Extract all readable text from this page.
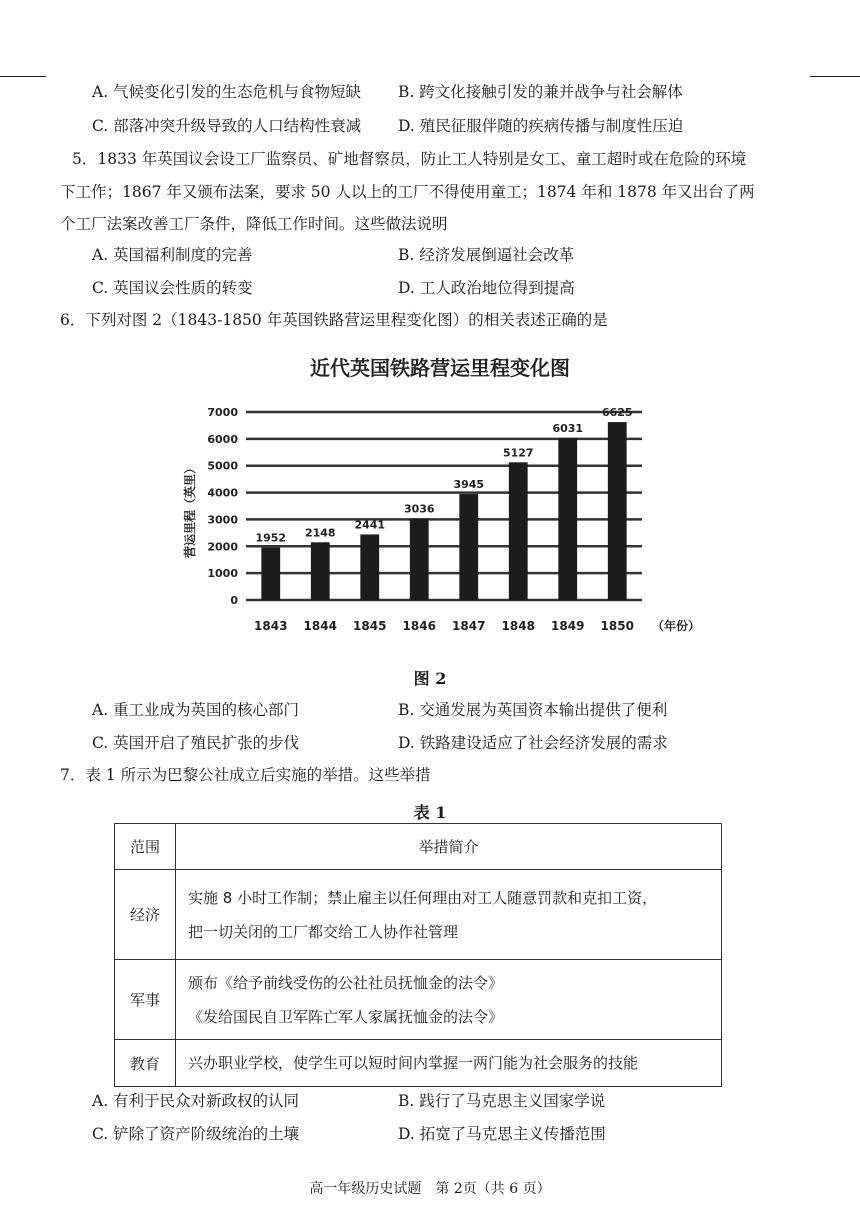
A. 气候变化引发的生态危机与食物短缺 B. 跨文化接触引发的兼并战争与社会解体
C. 部落冲突升级导致的人口结构性衰减 D. 殖民征服伴随的疾病传播与制度性压迫
5．1833 年英国议会设工厂监察员、矿地督察员，防止工人特别是女工、童工超时或在危险的环境
下工作；1867 年又颁布法案，要求 50 人以上的工厂不得使用童工；1874 年和 1878 年又出台了两
个工厂法案改善工厂条件，降低工作时间。这些做法说明
A. 英国福利制度的完善	B. 经济发展倒逼社会改革
C. 英国议会性质的转变	D. 工人政治地位得到提高
6．下列对图 2（1843-1850 年英国铁路营运里程变化图）的相关表述正确的是
1952 2148
2441
3036
3945
5127
6031
6625
0
1000
2000
3000
4000
5000
6000
7000
1843 1844 1845 1846 1847 1848 1849 1850
近代英国铁路营运里程变化图
营运里程（英里）
（年份）
图 2
A. 重工业成为英国的核心部门	B. 交通发展为英国资本输出提供了便利
C. 英国开启了殖民扩张的步伐	D. 铁路建设适应了社会经济发展的需求
7．表 1 所示为巴黎公社成立后实施的举措。这些举措
表 1
范围	举措简介
经济	实施 8 小时工作制；禁止雇主以任何理由对工人随意罚款和克扣工资，
把一切关闭的工厂都交给工人协作社管理

军事	颁布《给予前线受伤的公社社员抚恤金的法令》
《发给国民自卫军阵亡军人家属抚恤金的法令》

教育	兴办职业学校，使学生可以短时间内掌握一两门能为社会服务的技能
A. 有利于民众对新政权的认同	B. 践行了马克思主义国家学说
C. 铲除了资产阶级统治的土壤	D. 拓宽了马克思主义传播范围
高一年级历史试题　第 2页（共 6 页）
